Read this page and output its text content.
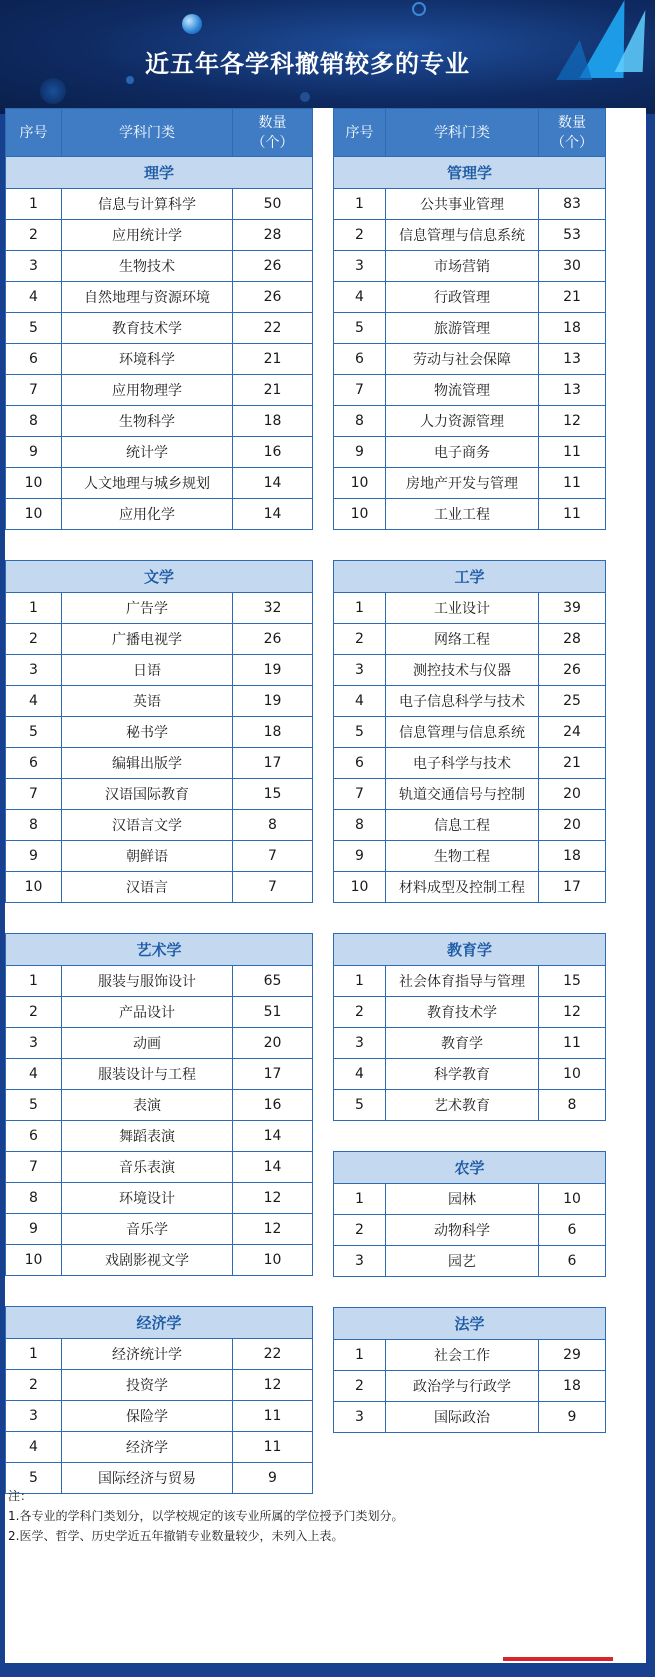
近五年各学科撤销较多的专业
序号	学科门类	数量
（个）
理学		
1	信息与计算科学	50
2	应用统计学	28
3	生物技术	26
4	自然地理与资源环境	26
5	教育技术学	22
6	环境科学	21
7	应用物理学	21
8	生物科学	18
9	统计学	16
10	人文地理与城乡规划	14
10	应用化学	14

文学		
1	广告学	32
2	广播电视学	26
3	日语	19
4	英语	19
5	秘书学	18
6	编辑出版学	17
7	汉语国际教育	15
8	汉语言文学	8
9	朝鲜语	7
10	汉语言	7

艺术学		
1	服装与服饰设计	65
2	产品设计	51
3	动画	20
4	服装设计与工程	17
5	表演	16
6	舞蹈表演	14
7	音乐表演	14
8	环境设计	12
9	音乐学	12
10	戏剧影视文学	10

经济学		
1	经济统计学	22
2	投资学	12
3	保险学	11
4	经济学	11
5	国际经济与贸易	9
序号	学科门类	数量
（个）
管理学		
1	公共事业管理	83
2	信息管理与信息系统	53
3	市场营销	30
4	行政管理	21
5	旅游管理	18
6	劳动与社会保障	13
7	物流管理	13
8	人力资源管理	12
9	电子商务	11
10	房地产开发与管理	11
10	工业工程	11

工学		
1	工业设计	39
2	网络工程	28
3	测控技术与仪器	26
4	电子信息科学与技术	25
5	信息管理与信息系统	24
6	电子科学与技术	21
7	轨道交通信号与控制	20
8	信息工程	20
9	生物工程	18
10	材料成型及控制工程	17

教育学		
1	社会体育指导与管理	15
2	教育技术学	12
3	教育学	11
4	科学教育	10
5	艺术教育	8

农学		
1	园林	10
2	动物科学	6
3	园艺	6

法学		
1	社会工作	29
2	政治学与行政学	18
3	国际政治	9
注：
1.各专业的学科门类划分，以学校规定的该专业所属的学位授予门类划分。
2.医学、哲学、历史学近五年撤销专业数量较少，未列入上表。
